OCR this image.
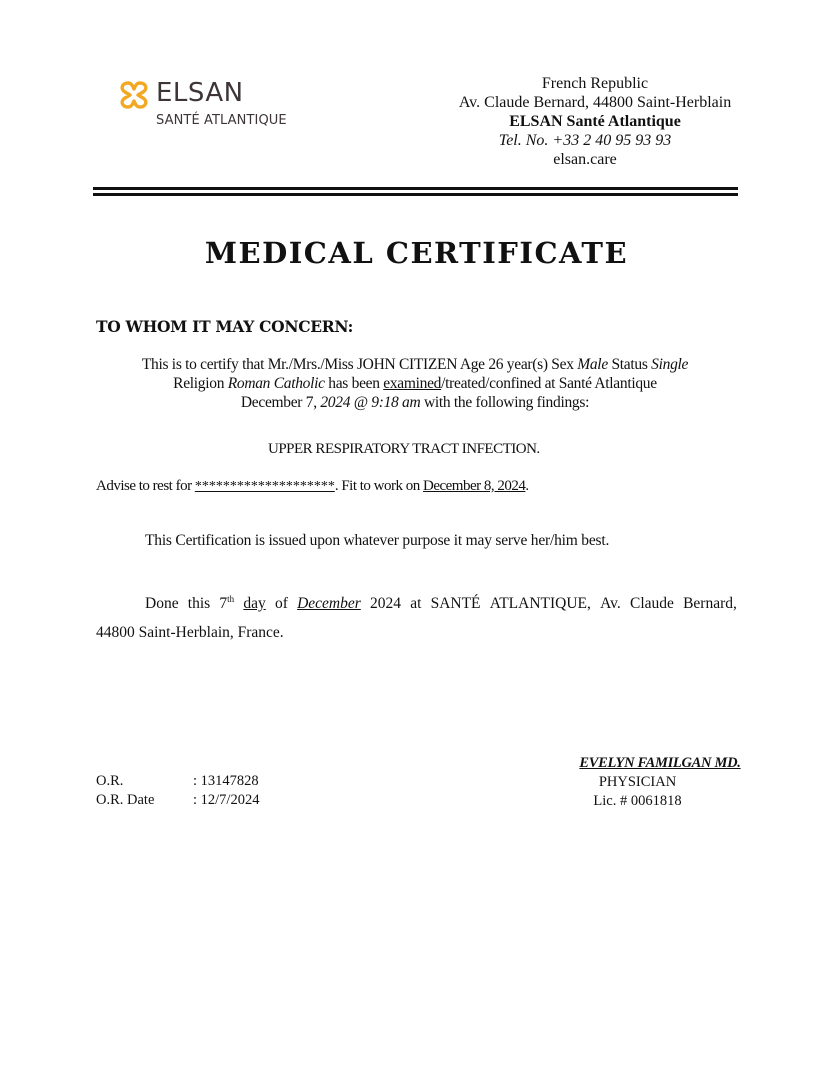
ELSAN
SANTÉ ATLANTIQUE
French Republic
Av. Claude Bernard, 44800 Saint-Herblain
ELSAN Santé Atlantique
Tel. No. +33 2 40 95 93 93
elsan.care
MEDICAL CERTIFICATE
TO WHOM IT MAY CONCERN:
This is to certify that Mr./Mrs./Miss JOHN CITIZEN Age 26 year(s) Sex Male Status Single
Religion Roman Catholic has been examined/treated/confined at Santé Atlantique
December 7, 2024 @ 9:18 am with the following findings:
UPPER RESPIRATORY TRACT INFECTION.
Advise to rest for ********************. Fit to work on December 8, 2024.
This Certification is issued upon whatever purpose it may serve her/him best.
Done this 7th day of December 2024 at SANTÉ ATLANTIQUE, Av. Claude Bernard,
44800 Saint-Herblain, France.
O.R.	: 13147828
O.R. Date	: 12/7/2024
EVELYN FAMILGAN MD.
PHYSICIAN
Lic. # 0061818
